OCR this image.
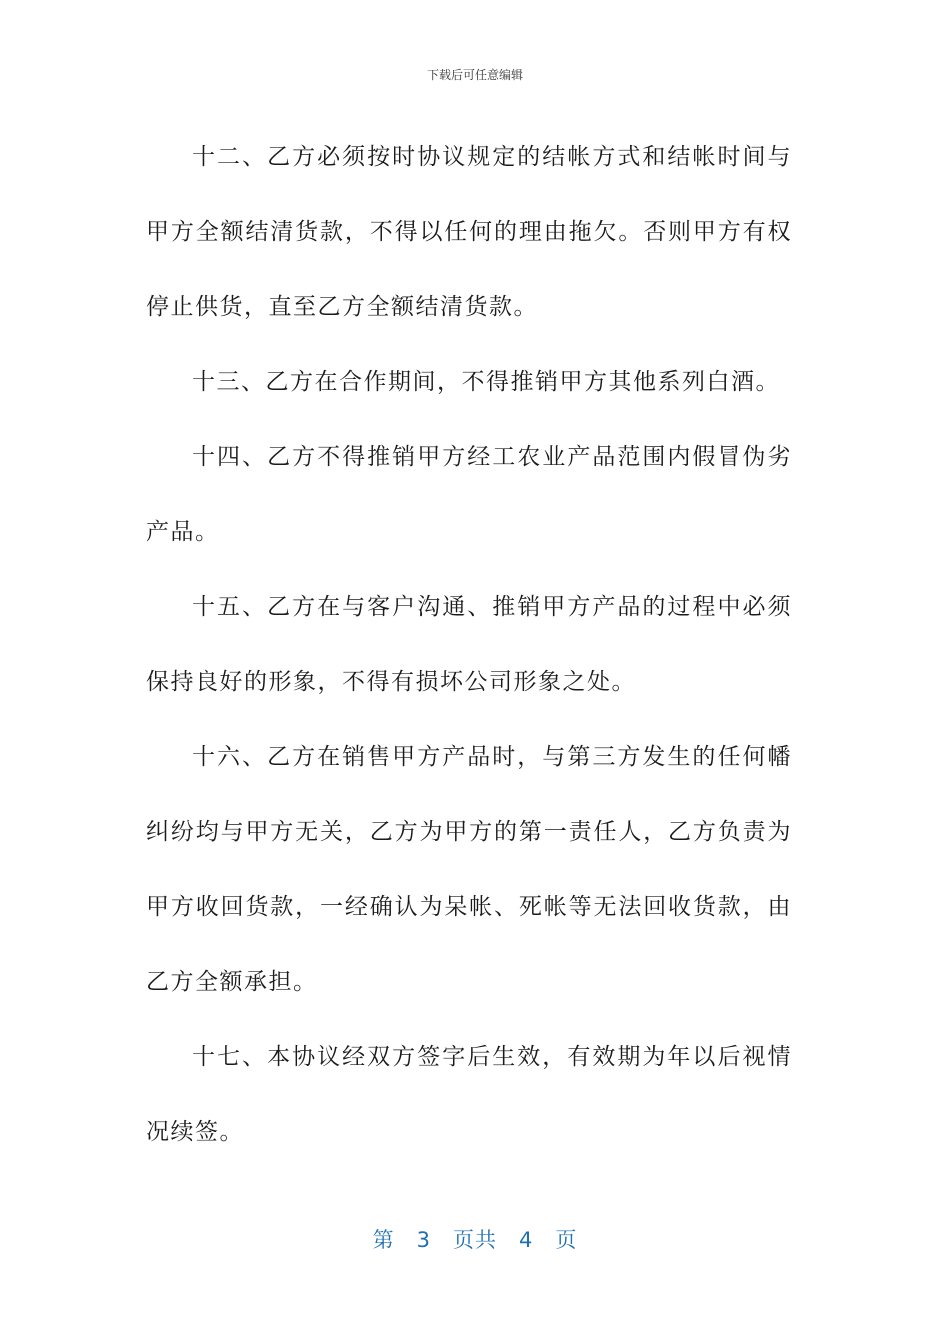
下载后可任意编辑

十二、乙方必须按时协议规定的结帐方式和结帐时间与甲方全额结清货款，不得以任何的理由拖欠。否则甲方有权停止供货，直至乙方全额结清货款。

十三、乙方在合作期间，不得推销甲方其他系列白酒。

十四、乙方不得推销甲方经工农业产品范围内假冒伪劣产品。

十五、乙方在与客户沟通、推销甲方产品的过程中必须保持良好的形象，不得有损坏公司形象之处。

十六、乙方在销售甲方产品时，与第三方发生的任何幡纠纷均与甲方无关，乙方为甲方的第一责任人，乙方负责为甲方收回货款，一经确认为呆帐、死帐等无法回收货款，由乙方全额承担。

十七、本协议经双方签字后生效，有效期为年以后视情况续签。

第 3 页共 4 页
